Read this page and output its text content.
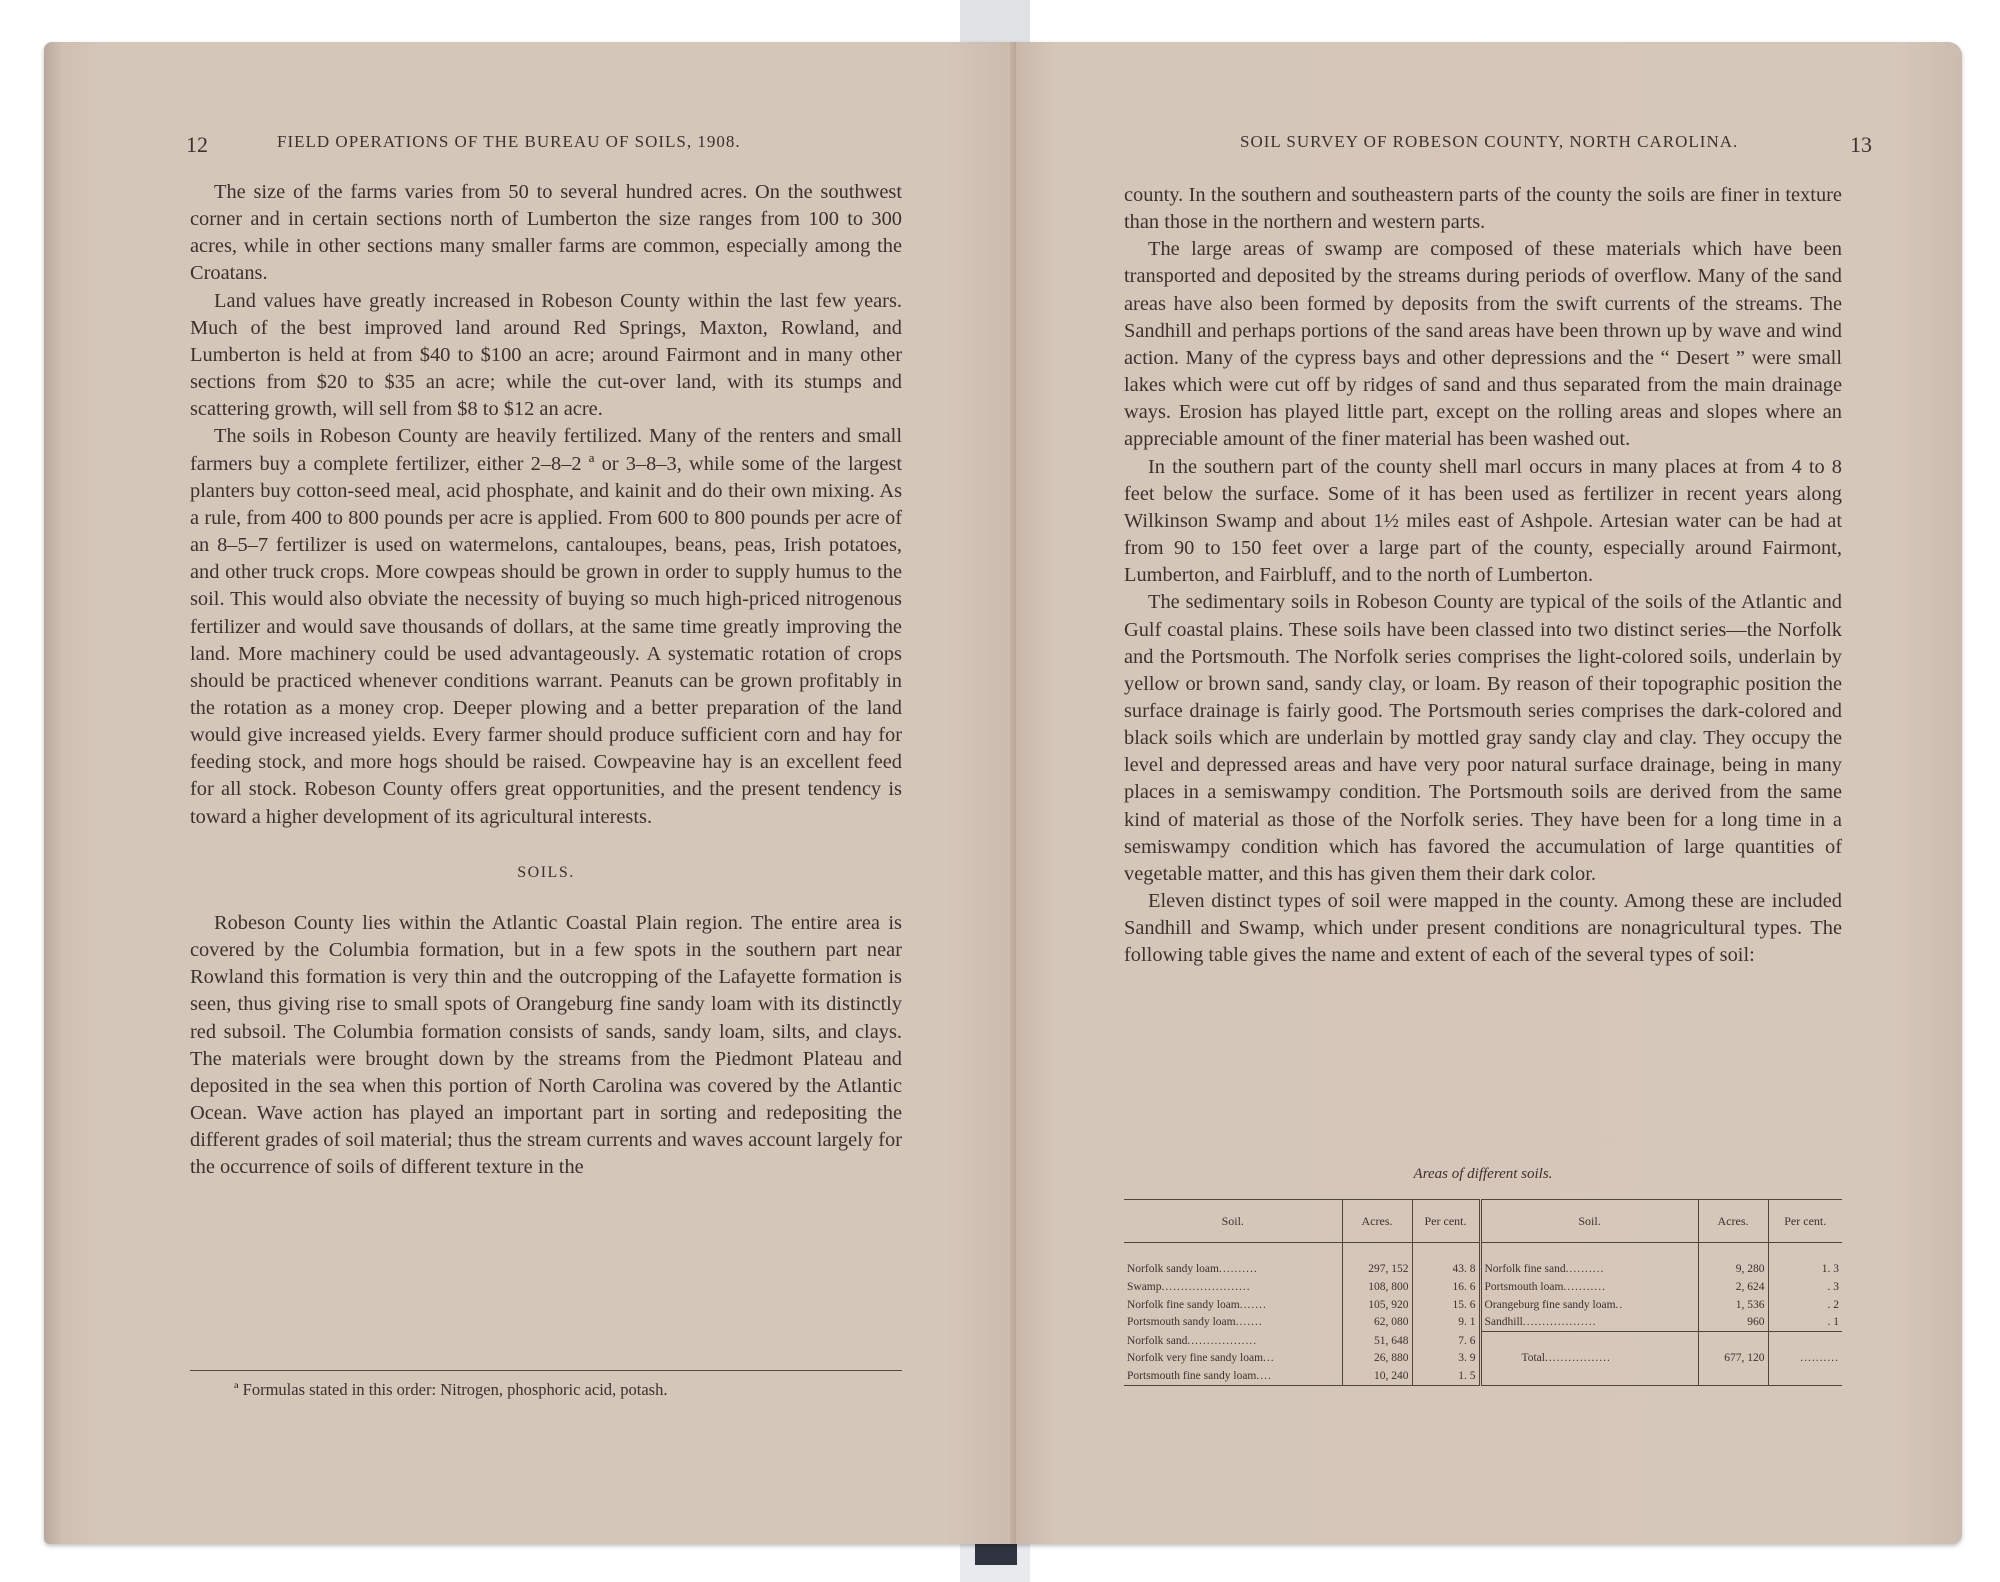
12	FIELD OPERATIONS OF THE BUREAU OF SOILS, 1908.

The size of the farms varies from 50 to several hundred acres. On the southwest corner and in certain sections north of Lumberton the size ranges from 100 to 300 acres, while in other sections many smaller farms are common, especially among the Croatans.

Land values have greatly increased in Robeson County within the last few years. Much of the best improved land around Red Springs, Maxton, Rowland, and Lumberton is held at from $40 to $100 an acre; around Fairmont and in many other sections from $20 to $35 an acre; while the cut-over land, with its stumps and scattering growth, will sell from $8 to $12 an acre.

The soils in Robeson County are heavily fertilized. Many of the renters and small farmers buy a complete fertilizer, either 2–8–2 ª or 3–8–3, while some of the largest planters buy cotton-seed meal, acid phosphate, and kainit and do their own mixing. As a rule, from 400 to 800 pounds per acre is applied. From 600 to 800 pounds per acre of an 8–5–7 fertilizer is used on watermelons, cantaloupes, beans, peas, Irish potatoes, and other truck crops. More cowpeas should be grown in order to supply humus to the soil. This would also obviate the necessity of buying so much high-priced nitrogenous fertilizer and would save thousands of dollars, at the same time greatly improving the land. More machinery could be used advantageously. A systematic rotation of crops should be practiced whenever conditions warrant. Peanuts can be grown profitably in the rotation as a money crop. Deeper plowing and a better preparation of the land would give increased yields. Every farmer should produce sufficient corn and hay for feeding stock, and more hogs should be raised. Cowpeavine hay is an excellent feed for all stock. Robeson County offers great opportunities, and the present tendency is toward a higher development of its agricultural interests.

SOILS.

Robeson County lies within the Atlantic Coastal Plain region. The entire area is covered by the Columbia formation, but in a few spots in the southern part near Rowland this formation is very thin and the outcropping of the Lafayette formation is seen, thus giving rise to small spots of Orangeburg fine sandy loam with its distinctly red subsoil. The Columbia formation consists of sands, sandy loam, silts, and clays. The materials were brought down by the streams from the Piedmont Plateau and deposited in the sea when this portion of North Carolina was covered by the Atlantic Ocean. Wave action has played an important part in sorting and redepositing the different grades of soil material; thus the stream currents and waves account largely for the occurrence of soils of different texture in the

ª Formulas stated in this order: Nitrogen, phosphoric acid, potash.
SOIL SURVEY OF ROBESON COUNTY, NORTH CAROLINA.	13

county. In the southern and southeastern parts of the county the soils are finer in texture than those in the northern and western parts.

The large areas of swamp are composed of these materials which have been transported and deposited by the streams during periods of overflow. Many of the sand areas have also been formed by deposits from the swift currents of the streams. The Sandhill and perhaps portions of the sand areas have been thrown up by wave and wind action. Many of the cypress bays and other depressions and the “ Desert ” were small lakes which were cut off by ridges of sand and thus separated from the main drainage ways. Erosion has played little part, except on the rolling areas and slopes where an appreciable amount of the finer material has been washed out.

In the southern part of the county shell marl occurs in many places at from 4 to 8 feet below the surface. Some of it has been used as fertilizer in recent years along Wilkinson Swamp and about 1½ miles east of Ashpole. Artesian water can be had at from 90 to 150 feet over a large part of the county, especially around Fairmont, Lumberton, and Fairbluff, and to the north of Lumberton.

The sedimentary soils in Robeson County are typical of the soils of the Atlantic and Gulf coastal plains. These soils have been classed into two distinct series—the Norfolk and the Portsmouth. The Norfolk series comprises the light-colored soils, underlain by yellow or brown sand, sandy clay, or loam. By reason of their topographic position the surface drainage is fairly good. The Portsmouth series comprises the dark-colored and black soils which are underlain by mottled gray sandy clay and clay. They occupy the level and depressed areas and have very poor natural surface drainage, being in many places in a semiswampy condition. The Portsmouth soils are derived from the same kind of material as those of the Norfolk series. They have been for a long time in a semiswampy condition which has favored the accumulation of large quantities of vegetable matter, and this has given them their dark color.

Eleven distinct types of soil were mapped in the county. Among these are included Sandhill and Swamp, which under present conditions are nonagricultural types. The following table gives the name and extent of each of the several types of soil:

Areas of different soils.
Soil.	Acres.	Per cent.	Soil.	Acres.	Per cent.

Norfolk sandy loam..........	297, 152	43. 8	Norfolk fine sand..........	9, 280	1. 3
Swamp.......................	108, 800	16. 6	Portsmouth loam...........	2, 624	. 3
Norfolk fine sandy loam.......	105, 920	15. 6	Orangeburg fine sandy loam..	1, 536	. 2
Portsmouth sandy loam.......	62, 080	9. 1	Sandhill...................	960	. 1
Norfolk sand..................	51, 648	7. 6			
Norfolk very fine sandy loam...	26, 880	3. 9	Total.................	677, 120	..........
Portsmouth fine sandy loam....	10, 240	1. 5			
